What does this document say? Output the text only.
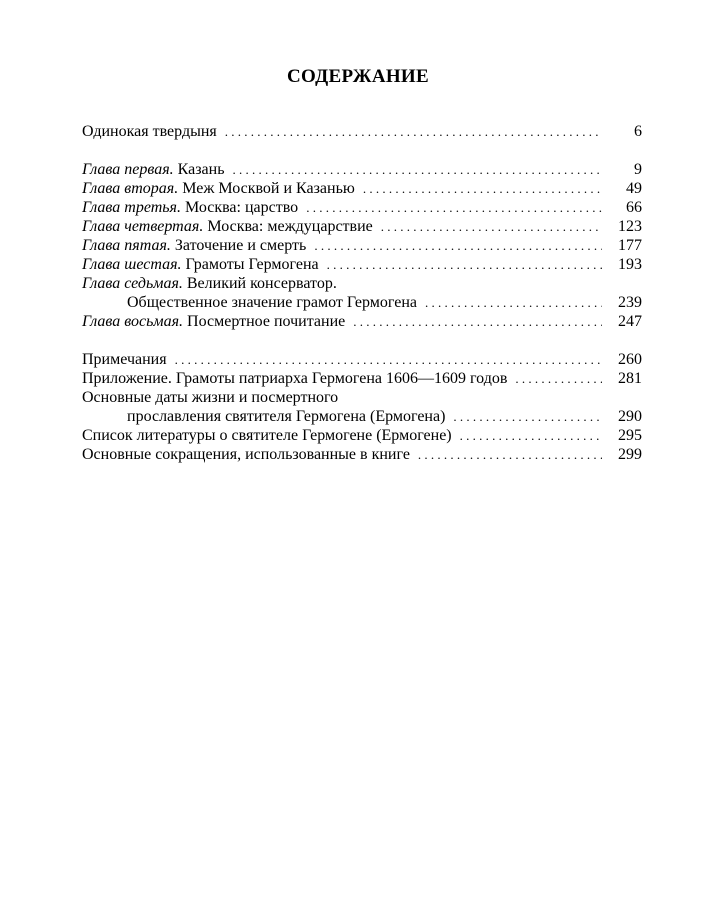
СОДЕРЖАНИЕ
Одинокая твердыня . . .	6
Глава первая. Казань . . .	9
Глава вторая. Меж Москвой и Казанью . . .	49
Глава третья. Москва: царство . . .	66
Глава четвертая. Москва: междуцарствие . . .	123
Глава пятая. Заточение и смерть . . .	177
Глава шестая. Грамоты Гермогена . . .	193
Глава седьмая. Великий консерватор.
Общественное значение грамот Гермогена . . .	239
Глава восьмая. Посмертное почитание . . .	247
Примечания . . .	260
Приложение. Грамоты патриарха Гермогена 1606—1609 годов . . .	281
Основные даты жизни и посмертного
прославления святителя Гермогена (Ермогена) . . .	290
Список литературы о святителе Гермогене (Ермогене) . . .	295
Основные сокращения, использованные в книге . . .	299
